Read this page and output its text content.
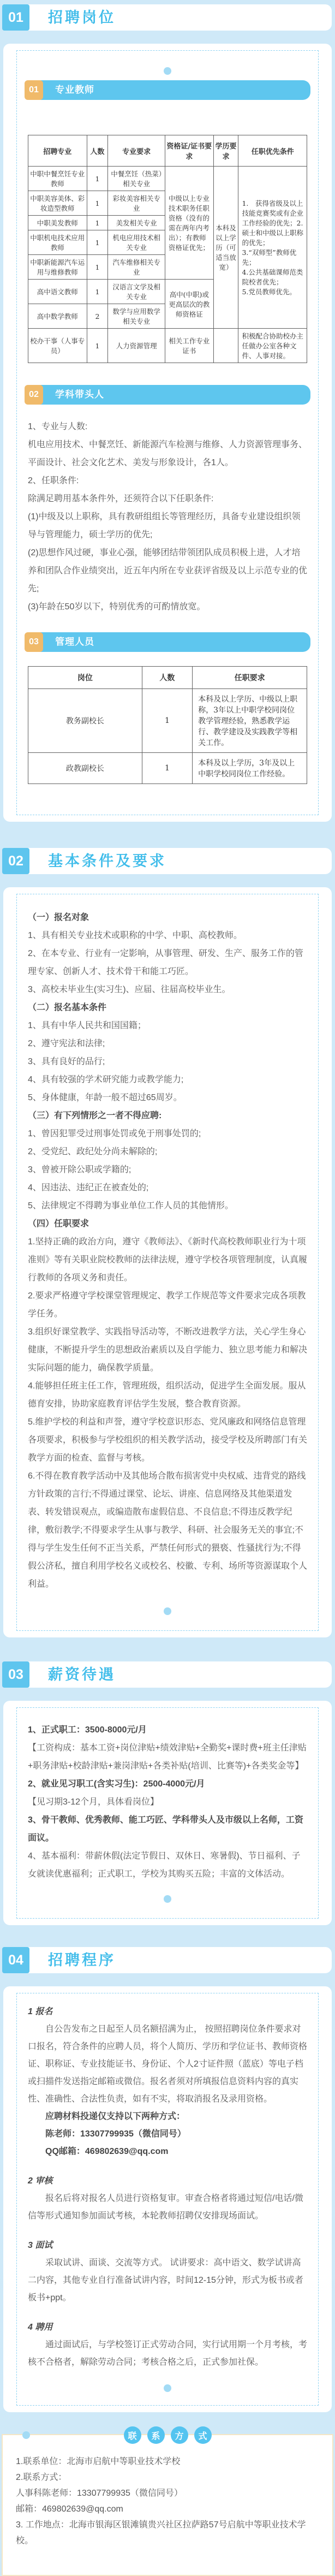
01	招聘岗位
01	专业教师
招聘专业	人数	专业要求	资格证/证书要求	学历要求	任职优先条件
中职中餐烹饪专业教师	1	中餐烹饪（热菜）相关专业	中级以上专业技术职务任职资格（没有的需在两年内考出）；有教师资格证优先；	本科及以上学历（可适当放宽）	1.　获得省级及以上技能竞赛奖或有企业工作经验的优先；2.硕士和中级以上职称的优先；
3.“双师型”教师优先；
4.公共基础课师范类院校者优先；
5.党员教师优先。

中职美容美体、彩妆造型教师	1	彩妆美容相关专业			
中职美发教师	1	美发相关专业			
中职机电技术应用教师	1	机电应用技术相关专业			
中职新能源汽车运用与维修教师	1	汽车维修相关专业			
高中语文教师	1	汉语言文学及相关专业	高中(中职)或更高层次的教师资格证		
高中数学教师	2	数学与应用数学相关专业			
校办干事（人事专员）	1	人力资源管理	相关工作专业证书		积极配合协助校办主任做办公室各种文件、人事对接。
02	学科带头人
1、专业与人数:
机电应用技术、中餐烹饪、新能源汽车检测与维修、人力资源管理事务、平面设计、社会文化艺术、美发与形象设计，各1人。
2、任职条件:
除满足聘用基本条件外，还须符合以下任职条件:
(1)中级及以上职称，具有教研组组长等管理经历，具备专业建设组织领导与管理能力，硕士学历的优先;
(2)思想作风过硬，事业心强，能够团结带领团队成员积极上进，人才培养和团队合作业绩突出，近五年内所在专业获评省级及以上示范专业的优先;
(3)年龄在50岁以下，特别优秀的可酌情放宽。
03	管理人员
岗位	人数	任职要求
教务副校长	1	本科及以上学历、中级以上职称，3年以上中职学校同岗位教学管理经验，熟悉教学运行、教学建设及实践教学等相关工作。
政教副校长	1	本科及以上学历，3年及以上中职学校同岗位工作经验。
02	基本条件及要求
（一）报名对象
1、具有相关专业技术或职称的中学、中职、高校教师。
2、在本专业、行业有一定影响，从事管理、研发、生产、服务工作的管理专家、创新人才、技术骨干和能工巧匠。
3、高校未毕业生(实习生)、应届、往届高校毕业生。
（二）报名基本条件
1、具有中华人民共和国国籍；
2、遵守宪法和法律;
3、具有良好的品行;
4、具有较强的学术研究能力或教学能力;
5、身体健康，年龄一般不超过65周岁。
（三）有下列情形之一者不得应聘:
1、曾因犯罪受过刑事处罚或免于刑事处罚的;
2、受党纪、政纪处分尚未解除的;
3、曾被开除公职或学籍的;
4、因违法、违纪正在被查处的;
5、法律规定不得聘为事业单位工作人员的其他情形。
（四）任职要求
1.坚持正确的政治方向，遵守《教师法》、《新时代高校教师职业行为十项准则》等有关职业院校教师的法律法规，遵守学校各项管理制度，认真履行教师的各项义务和责任。
2.要求严格遵守学校课堂管理规定、教学工作规范等文件要求完成各项教学任务。
3.组织好课堂教学、实践指导活动等，不断改进教学方法，关心学生身心健康，不断提升学生的思想政治素质以及自学能力、独立思考能力和解决实际问题的能力，确保教学质量。
4.能够担任班主任工作，管理班级，组织活动，促进学生全面发展。服从德育安排，协助家庭教育评估学生发展，整合教育资源。
5.维护学校的利益和声誉，遵守学校意识形态、党风廉政和网络信息管理各项要求，积极参与学校组织的相关教学活动，接受学校及所聘部门有关教学方面的检查、监督与考核。
6.不得在教育教学活动中及其他场合散布损害党中央权威、违背党的路线方针政策的言行;不得通过课堂、论坛、讲座、信息网络及其他渠道发表、转发错误观点，或编造散布虚假信息、不良信息;不得违反教学纪律，敷衍教学;不得要求学生从事与教学、科研、社会服务无关的事宜;不得与学生发生任何不正当关系，严禁任何形式的猥亵、性骚扰行为;不得假公济私，擅自利用学校名义或校名、校徽、专利、场所等资源谋取个人利益。
03	薪资待遇
1、正式职工：3500-8000元/月
【工资构成：基本工资+岗位津贴+绩效津贴+全勤奖+课时费+班主任津贴+职务津贴+校龄津贴+兼岗津贴+各类补贴(培训、比赛等)+各类奖金等】
2、就业见习职工(含实习生)：2500-4000元/月
【见习期3-12个月，具体看岗位】
3、骨干教师、优秀教师、能工巧匠、学科带头人及市级以上名师，工资面议。
4、基本福利：带薪休假(法定节假日、双休日、寒暑假)、节日福利、子女就读优惠福利；正式职工，学校为其购买五险；丰富的文体活动。
04	招聘程序
1 报名
自公告发布之日起至人员名额招满为止， 按照招聘岗位条件要求对口报名，符合条件的应聘人员，将个人简历、学历和学位证书、教师资格证、职称证、专业技能证书、身份证、个人2寸证件照（蓝底）等电子档或扫描件发送指定邮箱或微信。报名者须对所填报信息资料内容的真实性、准确性、合法性负责，如有不实，将取消报名及录用资格。
应聘材料投递仅支持以下两种方式：
陈老师：13307799935（微信同号）
QQ邮箱：469802639@qq.com
2 审核
报名后将对报名人员进行资格复审。审查合格者将通过短信/电话/微信等形式通知参加面试考核，本轮教师招聘仅安排现场面试。
3 面试
采取试讲、面谈、交流等方式。 试讲要求：高中语文、数学试讲高二内容，其他专业自行准备试讲内容，时间12-15分钟，形式为板书或者板书+ppt。
4 聘用
通过面试后，与学校签订正式劳动合同，实行试用期一个月考核，考核不合格者，解除劳动合同；考核合格之后，正式参加社保。
联	系	方	式
1.联系单位：北海市启航中等职业技术学校
2.联系方式：
人事科陈老师：13307799935（微信同号）
邮箱：469802639@qq.com
3. 工作地点：北海市银海区银滩镇贵兴社区拉萨路57号启航中等职业技术学校。
